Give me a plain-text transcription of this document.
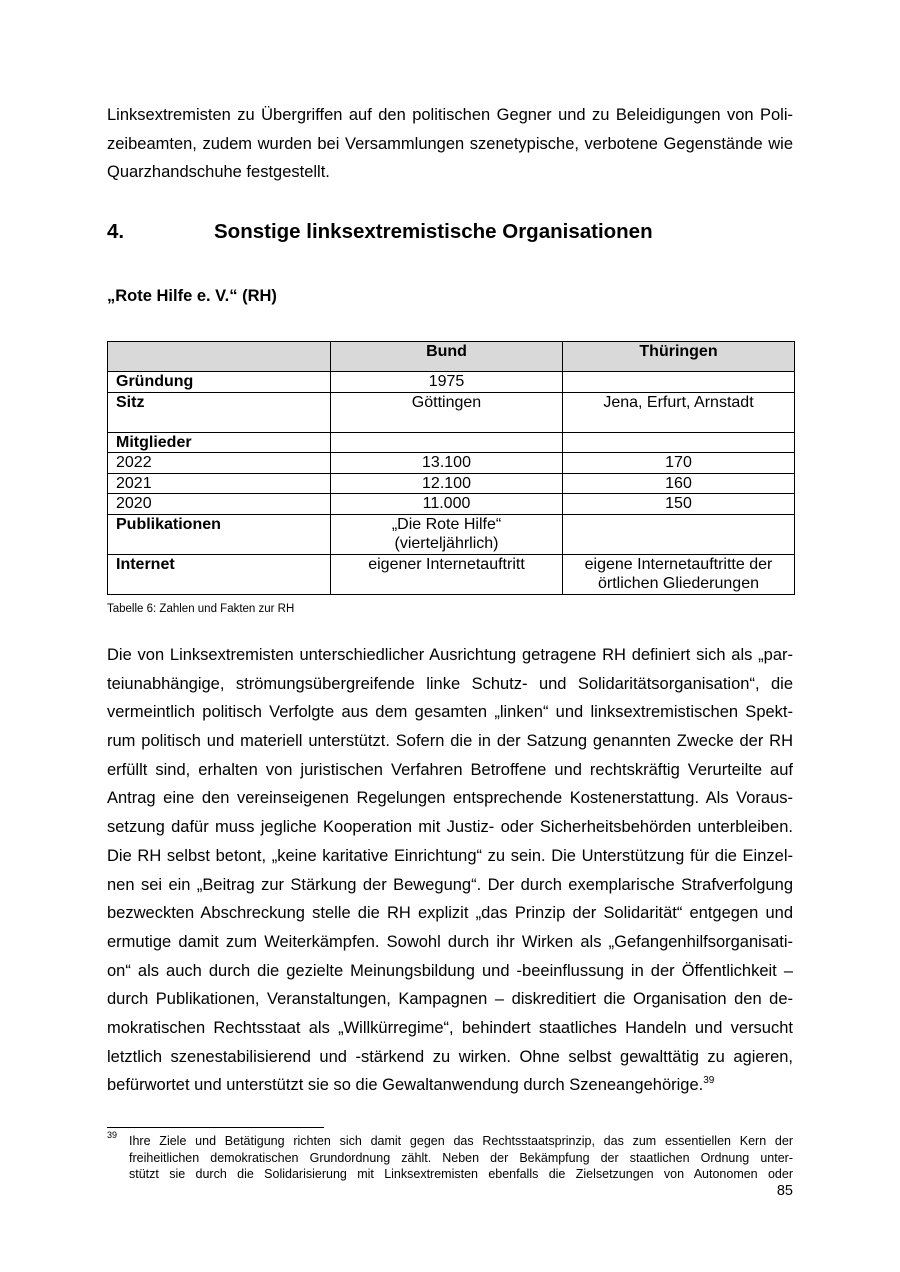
Linksextremisten zu Übergriffen auf den politischen Gegner und zu Beleidigungen von Poli-
zeibeamten, zudem wurden bei Versammlungen szenetypische, verbotene Gegenstände wie
Quarzhandschuhe festgestellt.
4.	Sonstige linksextremistische Organisationen
„Rote Hilfe e. V.“ (RH)
	Bund	Thüringen
Gründung	1975	
Sitz	Göttingen	Jena, Erfurt, Arnstadt
Mitglieder		
2022	13.100	170
2021	12.100	160
2020	11.000	150
Publikationen	„Die Rote Hilfe“
(vierteljährlich)	

Internet	eigener Internetauftritt	eigene Internetauftritte der
örtlichen Gliederungen
Tabelle 6: Zahlen und Fakten zur RH
Die von Linksextremisten unterschiedlicher Ausrichtung getragene RH definiert sich als „par-
teiunabhängige, strömungsübergreifende linke Schutz- und Solidaritätsorganisation“, die
vermeintlich politisch Verfolgte aus dem gesamten „linken“ und linksextremistischen Spekt-
rum politisch und materiell unterstützt. Sofern die in der Satzung genannten Zwecke der RH
erfüllt sind, erhalten von juristischen Verfahren Betroffene und rechtskräftig Verurteilte auf
Antrag eine den vereinseigenen Regelungen entsprechende Kostenerstattung. Als Voraus-
setzung dafür muss jegliche Kooperation mit Justiz- oder Sicherheitsbehörden unterbleiben.
Die RH selbst betont, „keine karitative Einrichtung“ zu sein. Die Unterstützung für die Einzel-
nen sei ein „Beitrag zur Stärkung der Bewegung“. Der durch exemplarische Strafverfolgung
bezweckten Abschreckung stelle die RH explizit „das Prinzip der Solidarität“ entgegen und
ermutige damit zum Weiterkämpfen. Sowohl durch ihr Wirken als „Gefangenhilfsorganisati-
on“ als auch durch die gezielte Meinungsbildung und -beeinflussung in der Öffentlichkeit –
durch Publikationen, Veranstaltungen, Kampagnen – diskreditiert die Organisation den de-
mokratischen Rechtsstaat als „Willkürregime“, behindert staatliches Handeln und versucht
letztlich szenestabilisierend und -stärkend zu wirken. Ohne selbst gewalttätig zu agieren,
befürwortet und unterstützt sie so die Gewaltanwendung durch Szeneangehörige.$^{39}$
39 Ihre Ziele und Betätigung richten sich damit gegen das Rechtsstaatsprinzip, das zum essentiellen Kern der
freiheitlichen demokratischen Grundordnung zählt. Neben der Bekämpfung der staatlichen Ordnung unter-
stützt sie durch die Solidarisierung mit Linksextremisten ebenfalls die Zielsetzungen von Autonomen oder
85
